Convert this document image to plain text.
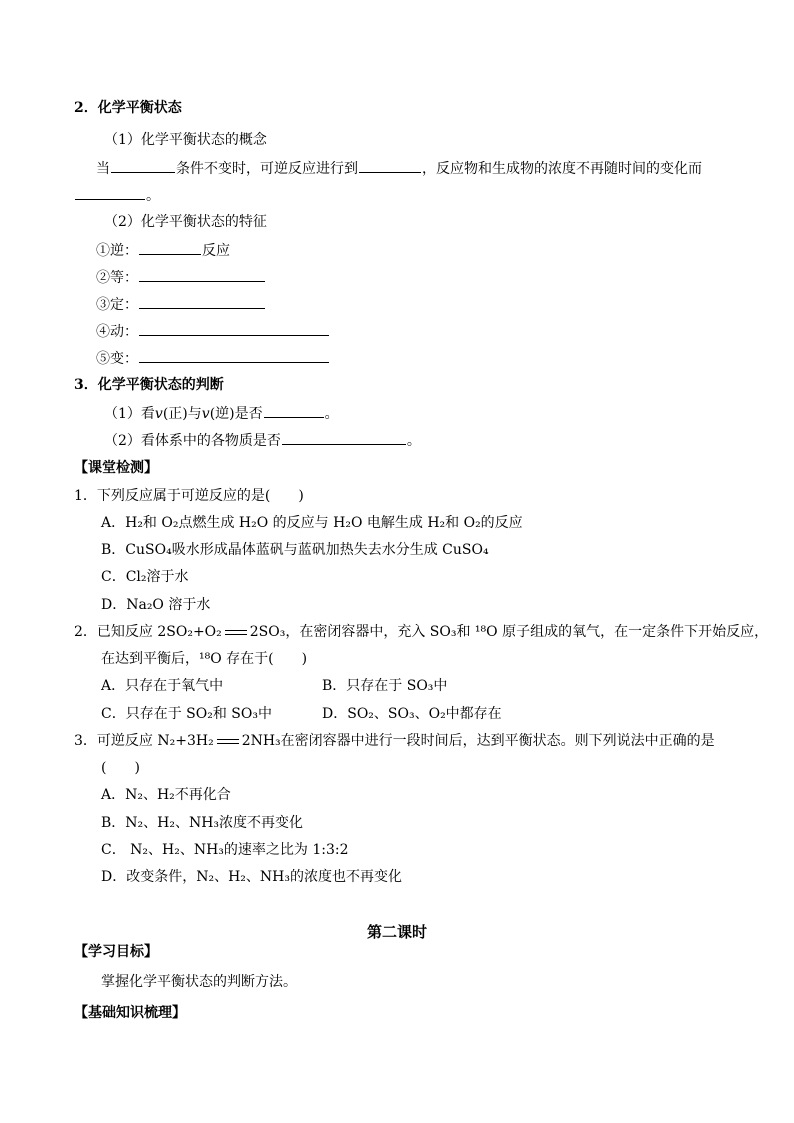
2．化学平衡状态
（1）化学平衡状态的概念
当	条件不变时，可逆反应进行到	，反应物和生成物的浓度不再随时间的变化而
。
（2）化学平衡状态的特征
①逆：	反应
②等：
③定：
④动：
⑤变：
3．化学平衡状态的判断
（1）看v(正)与v(逆)是否	。
（2）看体系中的各物质是否	。
【课堂检测】
1．下列反应属于可逆反应的是(　　)
A．H₂和 O₂点燃生成 H₂O 的反应与 H₂O 电解生成 H₂和 O₂的反应
B．CuSO₄吸水形成晶体蓝矾与蓝矾加热失去水分生成 CuSO₄
C．Cl₂溶于水
D．Na₂O 溶于水
2．已知反应 2SO₂+O₂ 2SO₃，在密闭容器中，充入 SO₃和 ¹⁸O 原子组成的氧气，在一定条件下开始反应，
在达到平衡后，¹⁸O 存在于(　　)
A．只存在于氧气中	B．只存在于 SO₃中
C．只存在于 SO₂和 SO₃中	D．SO₂、SO₃、O₂中都存在
3．可逆反应 N₂+3H₂ 2NH₃在密闭容器中进行一段时间后，达到平衡状态。则下列说法中正确的是
(　　)
A．N₂、H₂不再化合
B．N₂、H₂、NH₃浓度不再变化
C． N₂、H₂、NH₃的速率之比为 1:3:2
D．改变条件，N₂、H₂、NH₃的浓度也不再变化
第二课时
【学习目标】
掌握化学平衡状态的判断方法。
【基础知识梳理】
